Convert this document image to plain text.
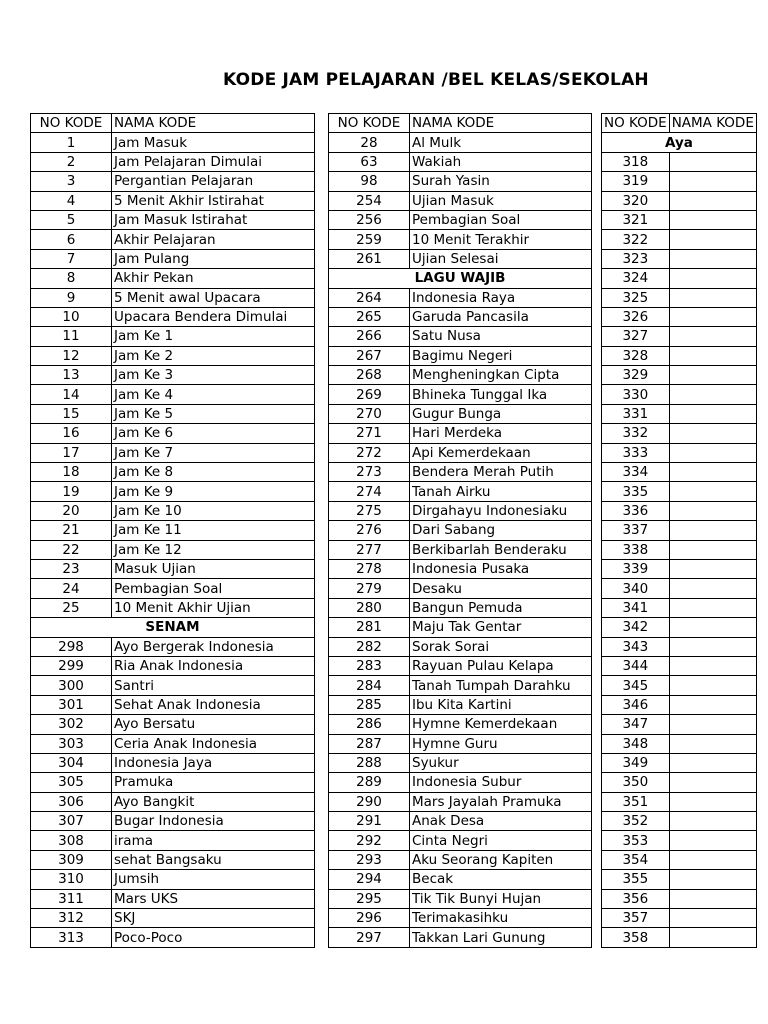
KODE JAM PELAJARAN /BEL KELAS/SEKOLAH
NO KODE	NAMA KODE
1	Jam Masuk
2	Jam Pelajaran Dimulai
3	Pergantian Pelajaran
4	5 Menit Akhir Istirahat
5	Jam Masuk Istirahat
6	Akhir Pelajaran
7	Jam Pulang
8	Akhir Pekan
9	5 Menit awal Upacara
10	Upacara Bendera Dimulai
11	Jam Ke 1
12	Jam Ke 2
13	Jam Ke 3
14	Jam Ke 4
15	Jam Ke 5
16	Jam Ke 6
17	Jam Ke 7
18	Jam Ke 8
19	Jam Ke 9
20	Jam Ke 10
21	Jam Ke 11
22	Jam Ke 12
23	Masuk Ujian
24	Pembagian Soal
25	10 Menit Akhir Ujian
SENAM	
298	Ayo Bergerak Indonesia
299	Ria Anak Indonesia
300	Santri
301	Sehat Anak Indonesia
302	Ayo Bersatu
303	Ceria Anak Indonesia
304	Indonesia Jaya
305	Pramuka
306	Ayo Bangkit
307	Bugar Indonesia
308	irama
309	sehat Bangsaku
310	Jumsih
311	Mars UKS
312	SKJ
313	Poco-Poco
NO KODE	NAMA KODE
28	Al Mulk
63	Wakiah
98	Surah Yasin
254	Ujian Masuk
256	Pembagian Soal
259	10 Menit Terakhir
261	Ujian Selesai
LAGU WAJIB	
264	Indonesia Raya
265	Garuda Pancasila
266	Satu Nusa
267	Bagimu Negeri
268	Mengheningkan Cipta
269	Bhineka Tunggal Ika
270	Gugur Bunga
271	Hari Merdeka
272	Api Kemerdekaan
273	Bendera Merah Putih
274	Tanah Airku
275	Dirgahayu Indonesiaku
276	Dari Sabang
277	Berkibarlah Benderaku
278	Indonesia Pusaka
279	Desaku
280	Bangun Pemuda
281	Maju Tak Gentar
282	Sorak Sorai
283	Rayuan Pulau Kelapa
284	Tanah Tumpah Darahku
285	Ibu Kita Kartini
286	Hymne Kemerdekaan
287	Hymne Guru
288	Syukur
289	Indonesia Subur
290	Mars Jayalah Pramuka
291	Anak Desa
292	Cinta Negri
293	Aku Seorang Kapiten
294	Becak
295	Tik Tik Bunyi Hujan
296	Terimakasihku
297	Takkan Lari Gunung
NO KODE	NAMA KODE
Aya	
318	
319	
320	
321	
322	
323	
324	
325	
326	
327	
328	
329	
330	
331	
332	
333	
334	
335	
336	
337	
338	
339	
340	
341	
342	
343	
344	
345	
346	
347	
348	
349	
350	
351	
352	
353	
354	
355	
356	
357	
358	
